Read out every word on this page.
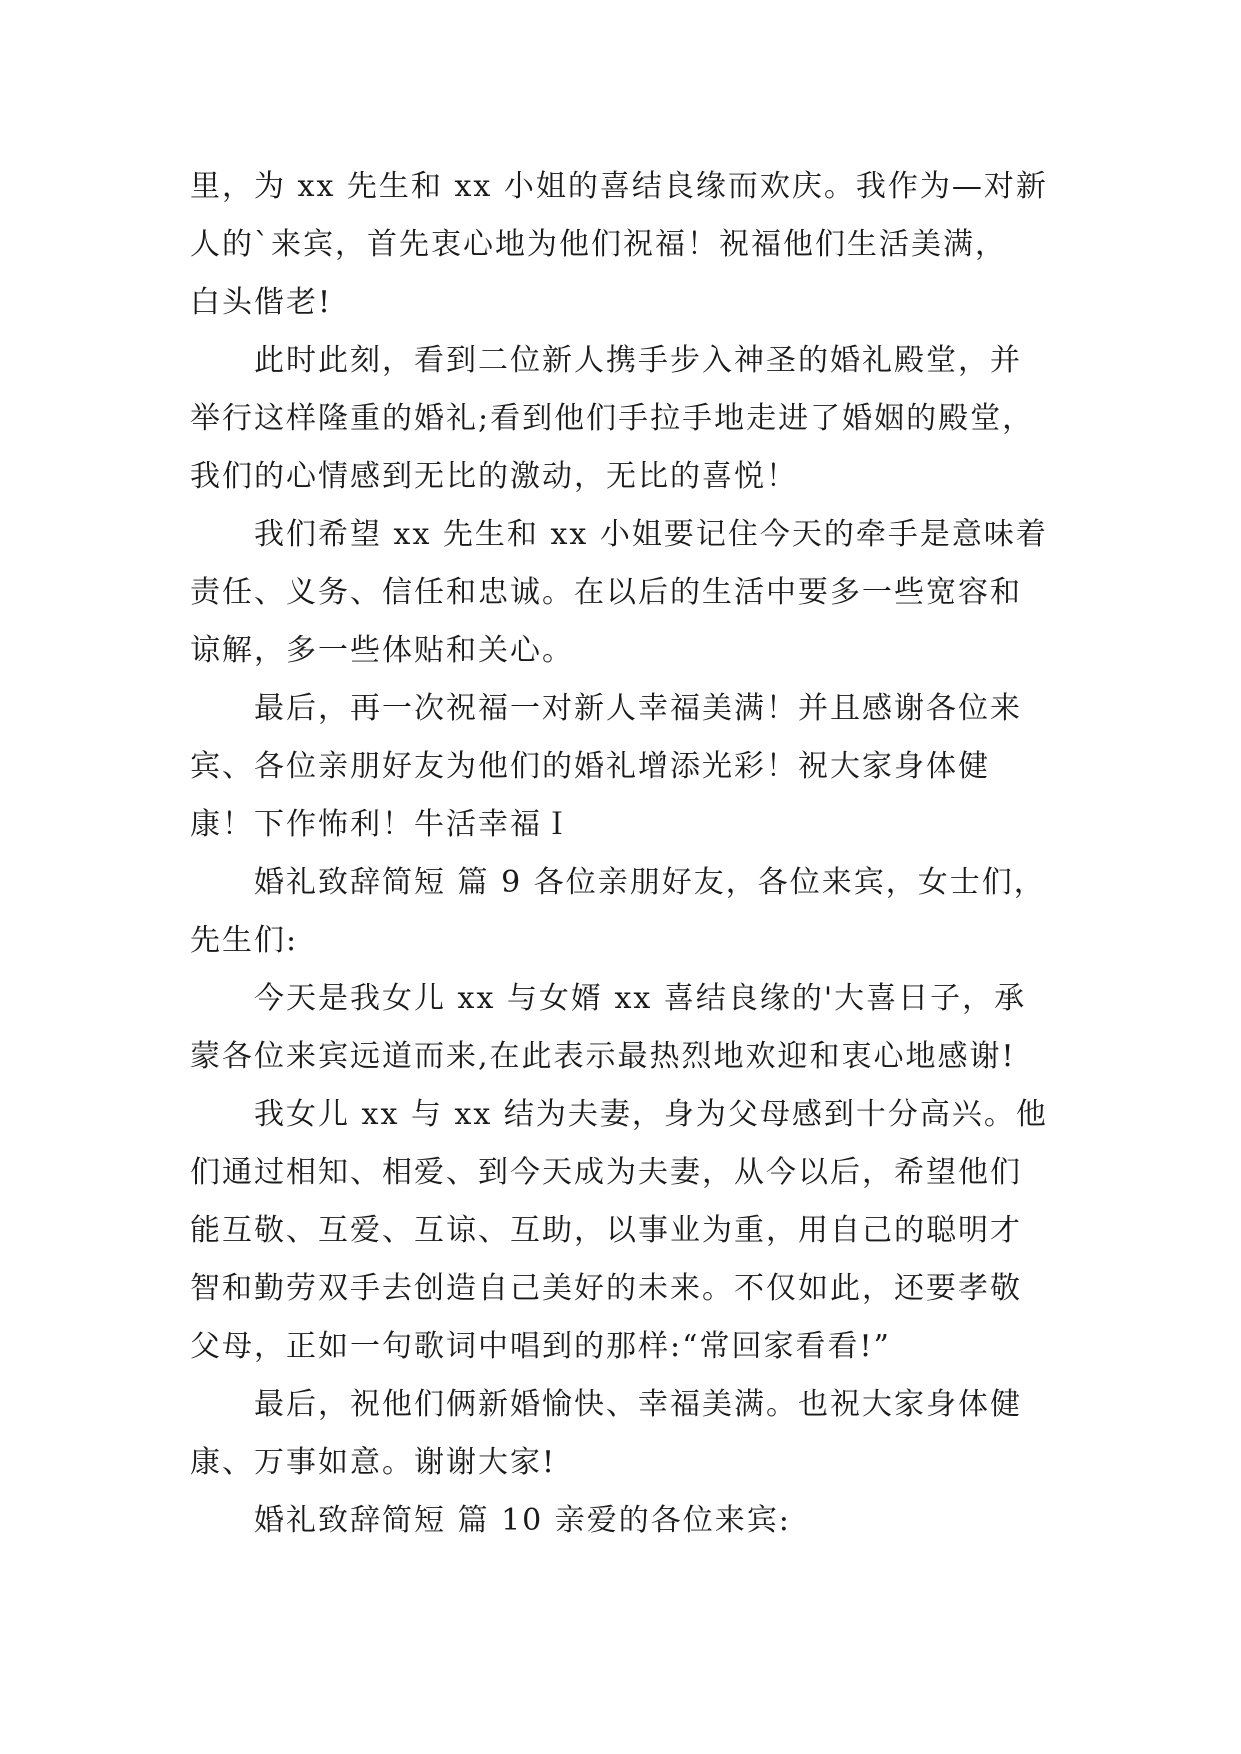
里，为 xx 先生和 xx 小姐的喜结良缘而欢庆。我作为—对新
人的`来宾，首先衷心地为他们祝福！祝福他们生活美满，
白头偕老!
此时此刻，看到二位新人携手步入神圣的婚礼殿堂，并
举行这样隆重的婚礼;看到他们手拉手地走进了婚姻的殿堂，
我们的心情感到无比的激动，无比的喜悦！
我们希望 xx 先生和 xx 小姐要记住今天的牵手是意味着
责任、义务、信任和忠诚。在以后的生活中要多一些宽容和
谅解，多一些体贴和关心。
最后，再一次祝福一对新人幸福美满！并且感谢各位来
宾、各位亲朋好友为他们的婚礼增添光彩！祝大家身体健
康！下作怖利！牛活幸福Ｉ
婚礼致辞简短 篇 9 各位亲朋好友，各位来宾，女士们，
先生们:
今天是我女儿 xx 与女婿 xx 喜结良缘的'大喜日子，承
蒙各位来宾远道而来,在此表示最热烈地欢迎和衷心地感谢!
我女儿 xx 与 xx 结为夫妻，身为父母感到十分高兴。他
们通过相知、相爱、到今天成为夫妻，从今以后，希望他们
能互敬、互爱、互谅、互助，以事业为重，用自己的聪明才
智和勤劳双手去创造自己美好的未来。不仅如此，还要孝敬
父母，正如一句歌词中唱到的那样:“常回家看看!”
最后，祝他们俩新婚愉快、幸福美满。也祝大家身体健
康、万事如意。谢谢大家!
婚礼致辞简短 篇 10 亲爱的各位来宾:
